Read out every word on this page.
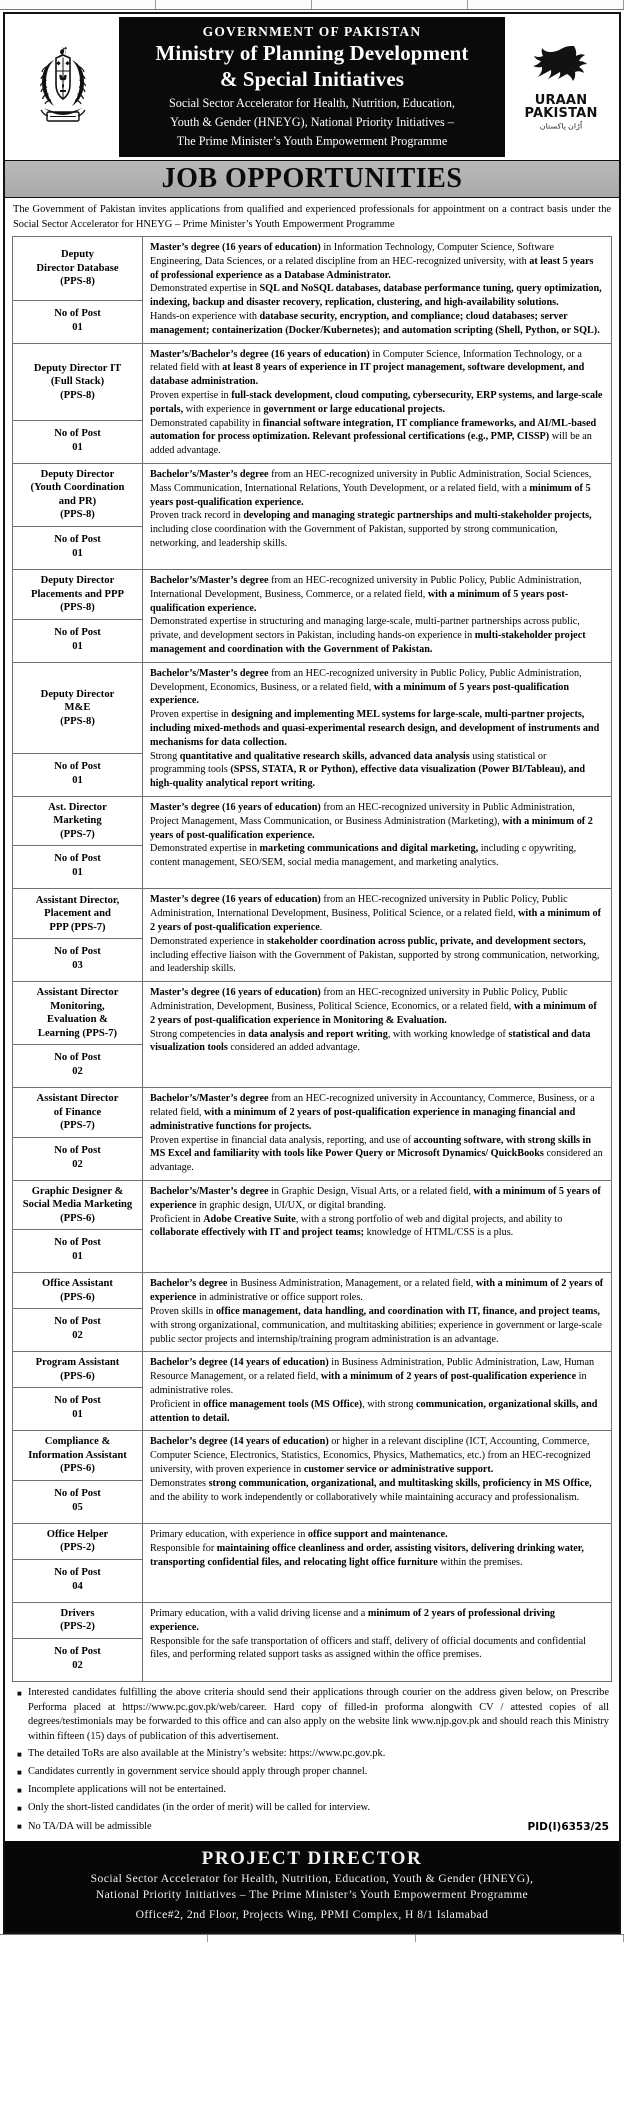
GOVERNMENT OF PAKISTAN
Ministry of Planning Development
& Special Initiatives
Social Sector Accelerator for Health, Nutrition, Education,
Youth & Gender (HNEYG), National Priority Initiatives –
The Prime Minister’s Youth Empowerment Programme
URAAN
PAKISTAN
اُڑان پاکستان
JOB OPPORTUNITIES
The Government of Pakistan invites applications from qualified and experienced professionals for appointment on a contract basis under the Social Sector Accelerator for HNEYG – Prime Minister’s Youth Empowerment Programme
Deputy
Director Database
(PPS-8)
No of Post
01

Master’s degree (16 years of education) in Information Technology, Computer Science, Software Engineering, Data Sciences, or a related discipline from an HEC-recognized university, with at least 5 years of professional experience as a Database Administrator.

Demonstrated expertise in SQL and NoSQL databases, database performance tuning, query optimization, indexing, backup and disaster recovery, replication, clustering, and high-availability solutions.

Hands-on experience with database security, encryption, and compliance; cloud databases; server management; containerization (Docker/Kubernetes); and automation scripting (Shell, Python, or SQL).

Deputy Director IT
(Full Stack)
(PPS-8)
No of Post
01

Master’s/Bachelor’s degree (16 years of education) in Computer Science, Information Technology, or a related field with at least 8 years of experience in IT project management, software development, and database administration.

Proven expertise in full-stack development, cloud computing, cybersecurity, ERP systems, and large-scale portals, with experience in government or large educational projects.

Demonstrated capability in financial software integration, IT compliance frameworks, and AI/ML-based automation for process optimization. Relevant professional certifications (e.g., PMP, CISSP) will be an added advantage.

Deputy Director
(Youth Coordination
and PR)
(PPS-8)
No of Post
01

Bachelor’s/Master’s degree from an HEC-recognized university in Public Administration, Social Sciences, Mass Communication, International Relations, Youth Development, or a related field, with a minimum of 5 years post-qualification experience.

Proven track record in developing and managing strategic partnerships and multi-stakeholder projects, including close coordination with the Government of Pakistan, supported by strong communication, networking, and leadership skills.

Deputy Director
Placements and PPP
(PPS-8)
No of Post
01

Bachelor’s/Master’s degree from an HEC-recognized university in Public Policy, Public Administration, International Development, Business, Commerce, or a related field, with a minimum of 5 years post-qualification experience.

Demonstrated expertise in structuring and managing large-scale, multi-partner partnerships across public, private, and development sectors in Pakistan, including hands-on experience in multi-stakeholder project management and coordination with the Government of Pakistan.

Deputy Director
M&E
(PPS-8)
No of Post
01

Bachelor’s/Master’s degree from an HEC-recognized university in Public Policy, Public Administration, Development, Economics, Business, or a related field, with a minimum of 5 years post-qualification experience.

Proven expertise in designing and implementing MEL systems for large-scale, multi-partner projects, including mixed-methods and quasi-experimental research design, and development of instruments and mechanisms for data collection.

Strong quantitative and qualitative research skills, advanced data analysis using statistical or programming tools (SPSS, STATA, R or Python), effective data visualization (Power BI/Tableau), and high-quality analytical report writing.

Ast. Director
Marketing
(PPS-7)
No of Post
01

Master’s degree (16 years of education) from an HEC-recognized university in Public Administration, Project Management, Mass Communication, or Business Administration (Marketing), with a minimum of 2 years of post-qualification experience.

Demonstrated expertise in marketing communications and digital marketing, including c opywriting, content management, SEO/SEM, social media management, and marketing analytics.

Assistant Director,
Placement and
PPP (PPS-7)
No of Post
03

Master’s degree (16 years of education) from an HEC-recognized university in Public Policy, Public Administration, International Development, Business, Political Science, or a related field, with a minimum of 2 years of post-qualification experience.

Demonstrated experience in stakeholder coordination across public, private, and development sectors, including effective liaison with the Government of Pakistan, supported by strong communication, networking, and leadership skills.

Assistant Director
Monitoring,
Evaluation &
Learning (PPS-7)
No of Post
02

Master’s degree (16 years of education) from an HEC-recognized university in Public Policy, Public Administration, Development, Business, Political Science, Economics, or a related field, with a minimum of 2 years of post-qualification experience in Monitoring & Evaluation.

Strong competencies in data analysis and report writing, with working knowledge of statistical and data visualization tools considered an added advantage.

Assistant Director
of Finance
(PPS-7)
No of Post
02

Bachelor’s/Master’s degree from an HEC-recognized university in Accountancy, Commerce, Business, or a related field, with a minimum of 2 years of post-qualification experience in managing financial and administrative functions for projects.

Proven expertise in financial data analysis, reporting, and use of accounting software, with strong skills in MS Excel and familiarity with tools like Power Query or Microsoft Dynamics/ QuickBooks considered an advantage.

Graphic Designer &
Social Media Marketing
(PPS-6)
No of Post
01

Bachelor’s/Master’s degree in Graphic Design, Visual Arts, or a related field, with a minimum of 5 years of experience in graphic design, UI/UX, or digital branding.

Proficient in Adobe Creative Suite, with a strong portfolio of web and digital projects, and ability to collaborate effectively with IT and project teams; knowledge of HTML/CSS is a plus.

Office Assistant
(PPS-6)
No of Post
02

Bachelor’s degree in Business Administration, Management, or a related field, with a minimum of 2 years of experience in administrative or office support roles.

Proven skills in office management, data handling, and coordination with IT, finance, and project teams, with strong organizational, communication, and multitasking abilities; experience in government or large-scale public sector projects and internship/training program administration is an advantage.

Program Assistant
(PPS-6)
No of Post
01

Bachelor’s degree (14 years of education) in Business Administration, Public Administration, Law, Human Resource Management, or a related field, with a minimum of 2 years of post-qualification experience in administrative roles.

Proficient in office management tools (MS Office), with strong communication, organizational skills, and attention to detail.

Compliance &
Information Assistant
(PPS-6)
No of Post
05

Bachelor’s degree (14 years of education) or higher in a relevant discipline (ICT, Accounting, Commerce, Computer Science, Electronics, Statistics, Economics, Physics, Mathematics, etc.) from an HEC-recognized university, with proven experience in customer service or administrative support.

Demonstrates strong communication, organizational, and multitasking skills, proficiency in MS Office, and the ability to work independently or collaboratively while maintaining accuracy and professionalism.

Office Helper
(PPS-2)
No of Post
04

Primary education, with experience in office support and maintenance.

Responsible for maintaining office cleanliness and order, assisting visitors, delivering drinking water, transporting confidential files, and relocating light office furniture within the premises.

Drivers
(PPS-2)
No of Post
02

Primary education, with a valid driving license and a minimum of 2 years of professional driving experience.

Responsible for the safe transportation of officers and staff, delivery of official documents and confidential files, and performing related support tasks as assigned within the office premises.

■ Interested candidates fulfilling the above criteria should send their applications through courier on the address given below, on Prescribe Performa placed at https://www.pc.gov.pk/web/career. Hard copy of filled-in proforma alongwith CV / attested copies of all degrees/testimonials may be forwarded to this office and can also apply on the website link www.njp.gov.pk and should reach this Ministry within fifteen (15) days of publication of this advertisement.
■ The detailed ToRs are also available at the Ministry’s website: https://www.pc.gov.pk.
■ Candidates currently in government service should apply through proper channel.
■ Incomplete applications will not be entertained.
■ Only the short-listed candidates (in the order of merit) will be called for interview.
■ No TA/DA will be admissible	PID(I)6353/25
PROJECT DIRECTOR
Social Sector Accelerator for Health, Nutrition, Education, Youth & Gender (HNEYG),
National Priority Initiatives – The Prime Minister’s Youth Empowerment Programme
Office#2, 2nd Floor, Projects Wing, PPMI Complex, H 8/1 Islamabad
